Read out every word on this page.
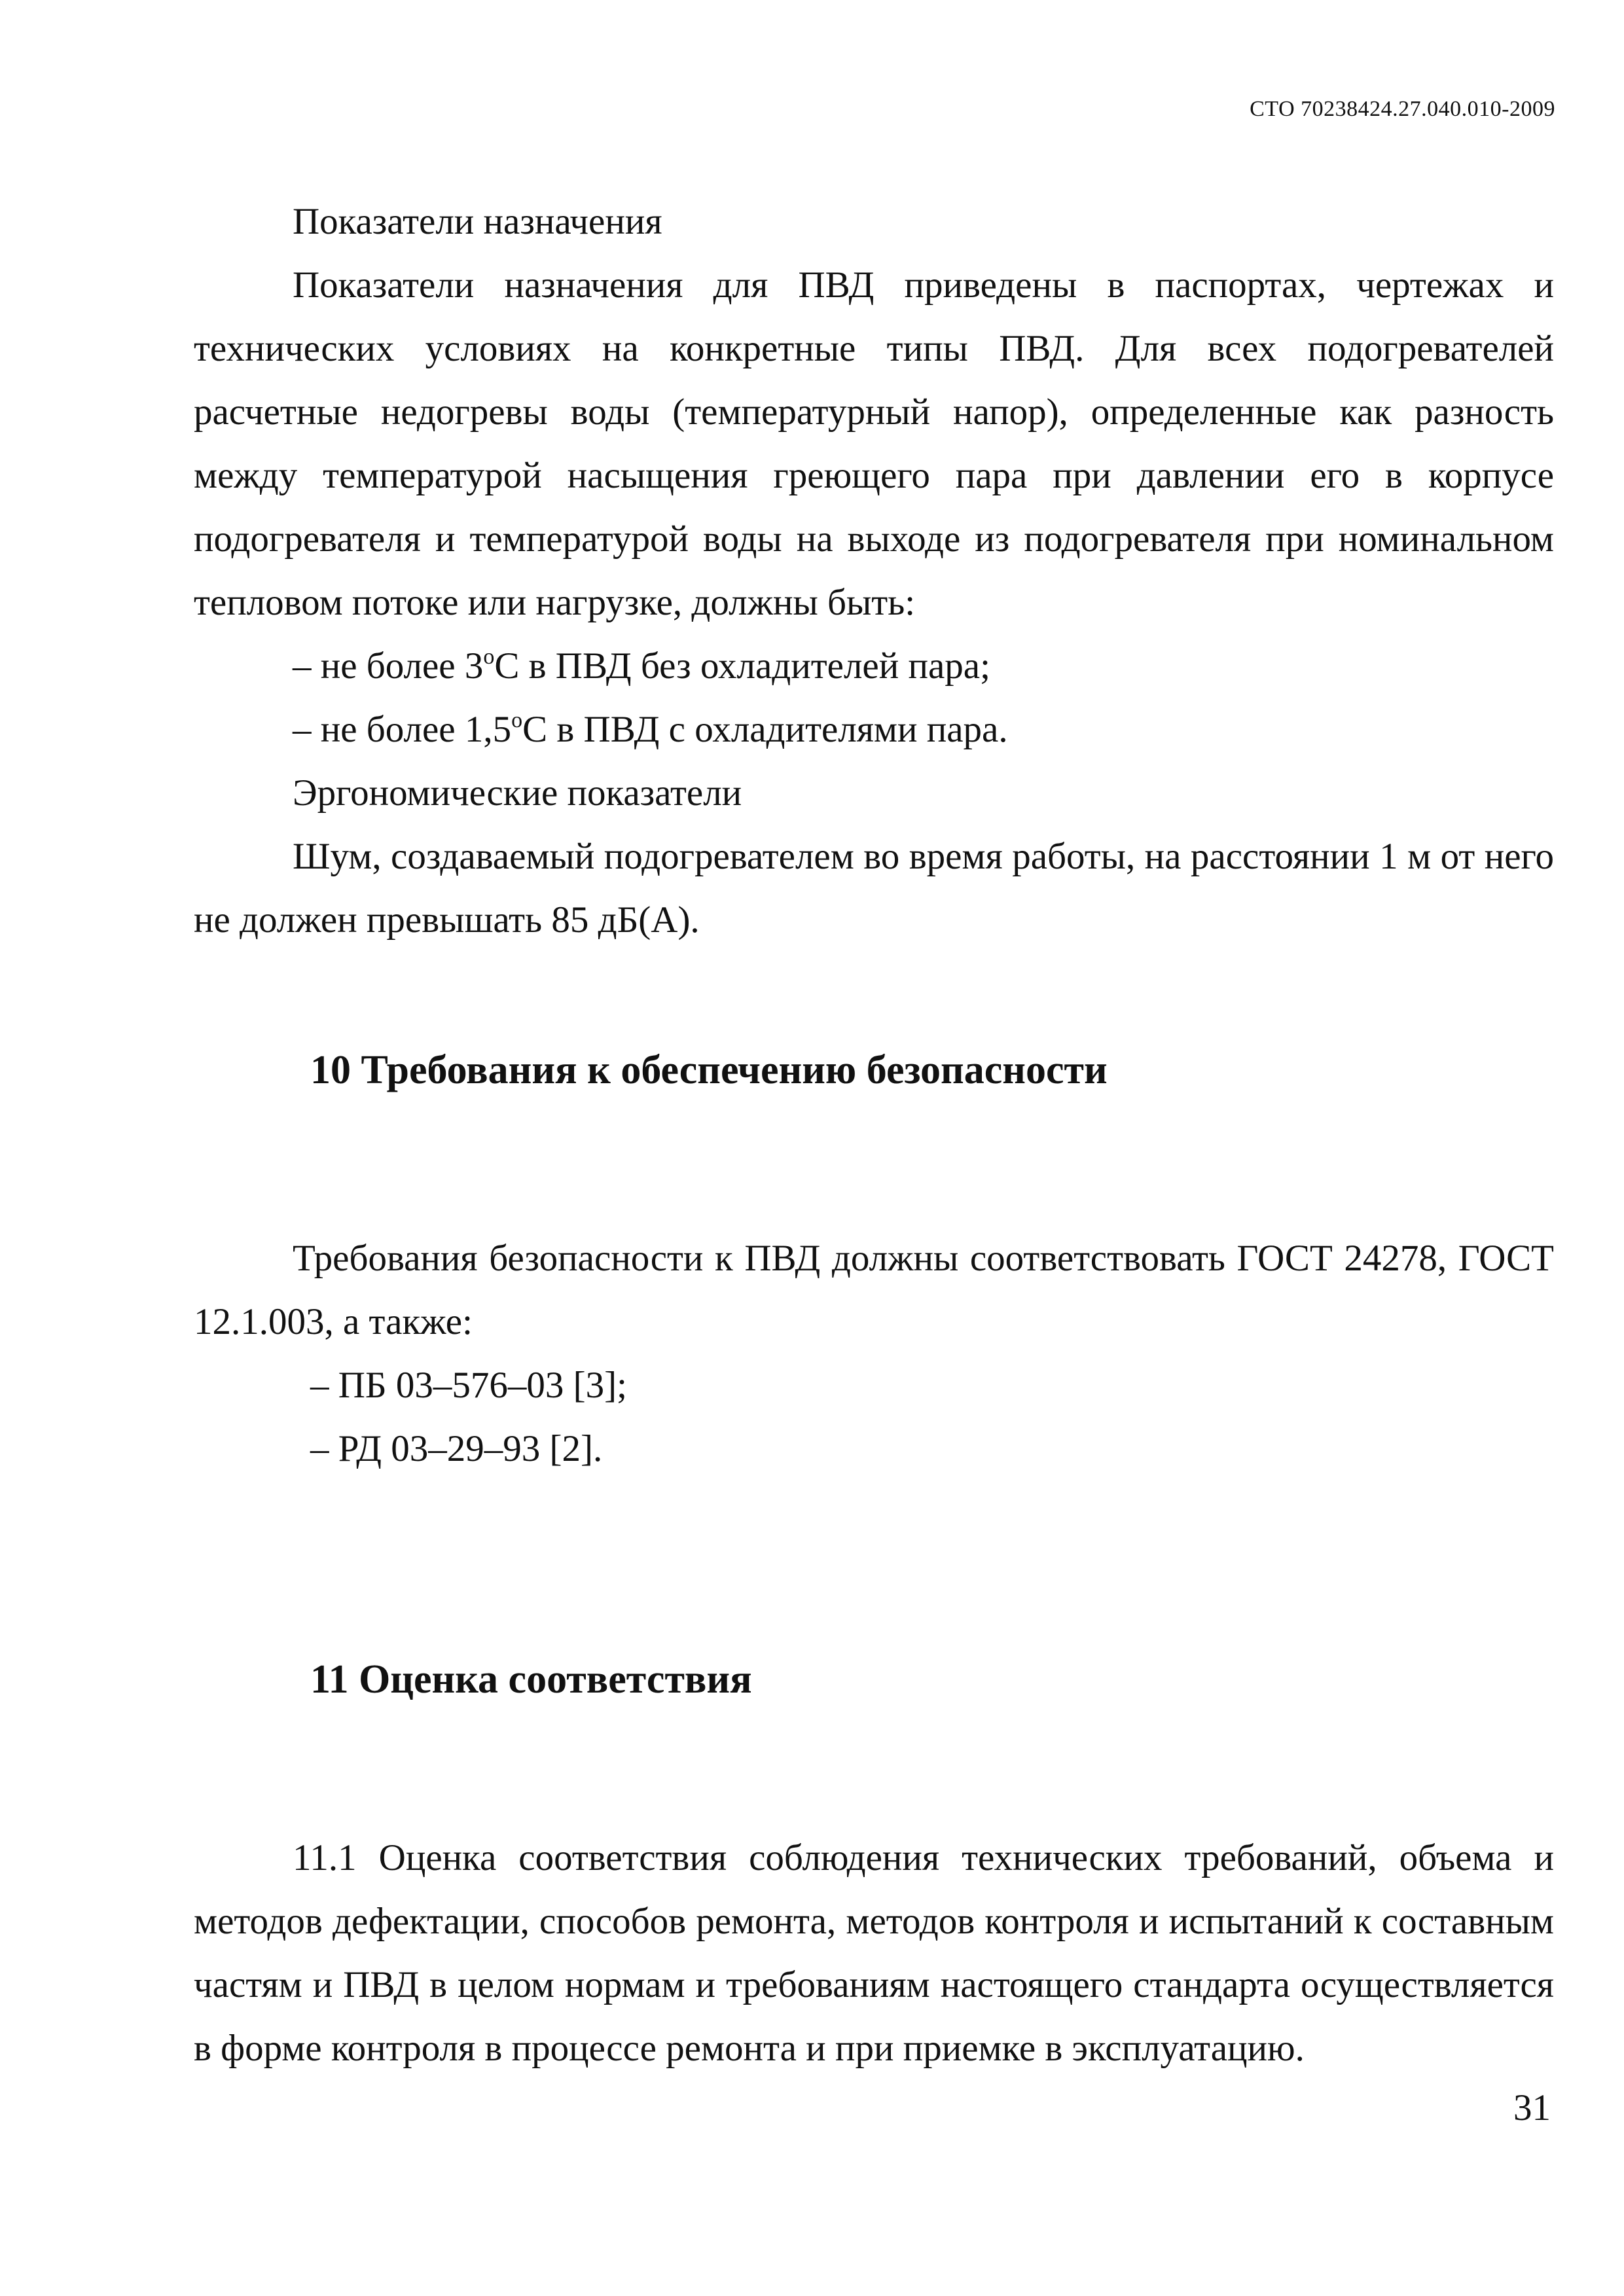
СТО 70238424.27.040.010-2009

Показатели назначения

Показатели назначения для ПВД приведены в паспортах, чертежах и технических условиях на конкретные типы ПВД. Для всех подогревателей расчетные недогревы воды (температурный напор), определенные как разность между температурой насыщения греющего пара при давлении его в корпусе подогревателя и температурой воды на выходе из подогревателя при номинальном тепловом потоке или нагрузке, должны быть:

– не более $3^оС$ в ПВД без охладителей пара;

– не более $1,5^оС$ в ПВД с охладителями пара.

Эргономические показатели

Шум, создаваемый подогревателем во время работы, на расстоянии 1 м от него не должен превышать 85 дБ(А).

10 Требования к обеспечению безопасности

Требования безопасности к ПВД должны соответствовать ГОСТ 24278, ГОСТ 12.1.003, а также:

– ПБ 03–576–03 [3];

– РД 03–29–93 [2].

11 Оценка соответствия

11.1 Оценка соответствия соблюдения технических требований, объема и методов дефектации, способов ремонта, методов контроля и испытаний к составным частям и ПВД в целом нормам и требованиям настоящего стандарта осуществляется в форме контроля в процессе ремонта и при приемке в эксплуатацию.

31
